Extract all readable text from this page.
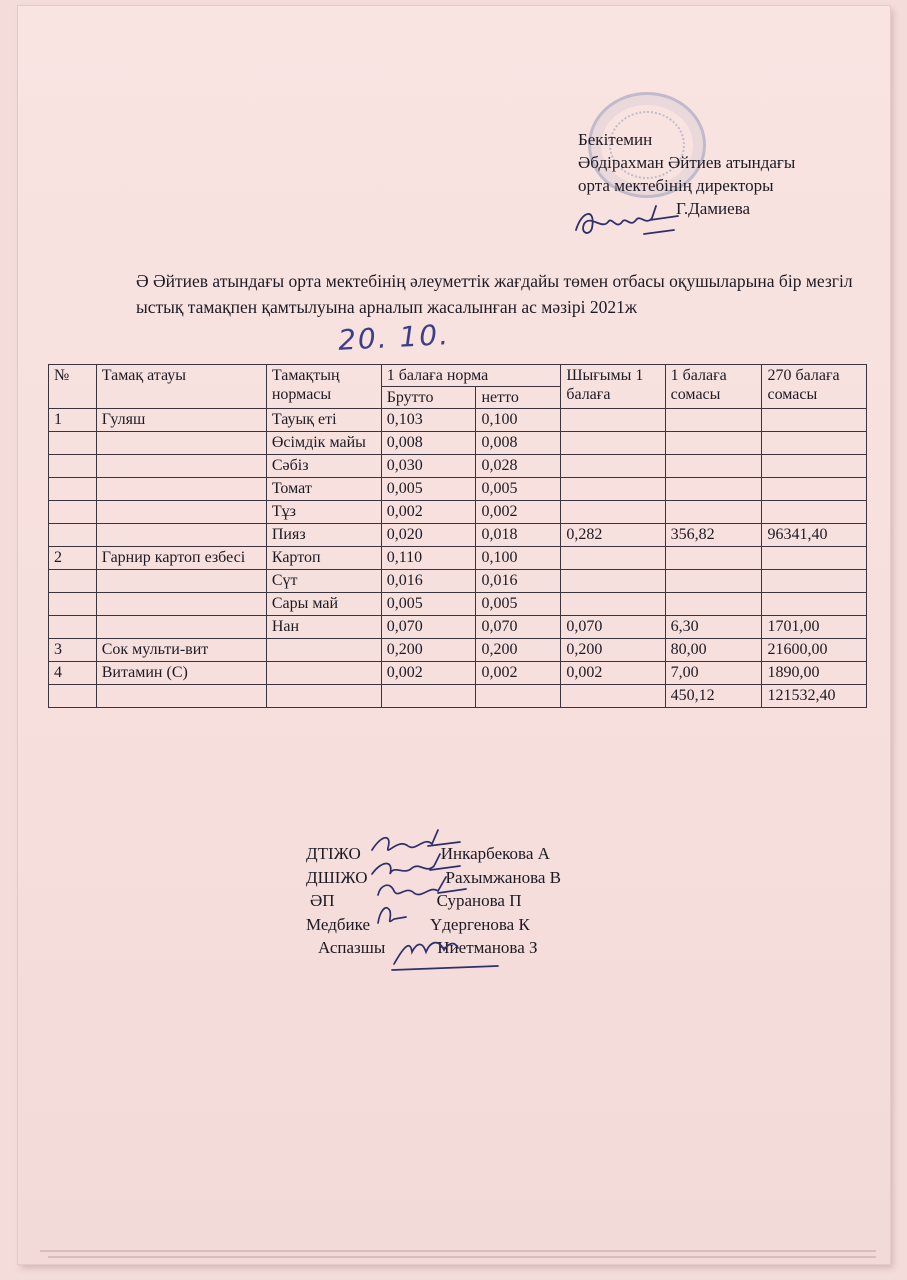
Бекітемин
Әбдірахман Әйтиев атындағы
орта мектебінің директоры
Г.Дамиева
Ә Әйтиев атындағы орта мектебінің әлеуметтік жағдайы төмен отбасы оқушыларына бір мезгіл ыстық тамақпен қамтылуына арналып жасалынған ас мәзірі 2021ж
20. 10.
№	Тамақ атауы	Тамақтың нормасы	1 балаға норма		Шығымы 1 балаға	1 балаға сомасы	270 балаға сомасы
			Брутто	нетто			
1	Гуляш	Тауық еті	0,103	0,100			
		Өсімдік майы	0,008	0,008			
		Сәбіз	0,030	0,028			
		Томат	0,005	0,005			
		Тұз	0,002	0,002			
		Пияз	0,020	0,018	0,282	356,82	96341,40
2	Гарнир картоп езбесі	Картоп	0,110	0,100			
		Сүт	0,016	0,016			
		Сары май	0,005	0,005			
		Нан	0,070	0,070	0,070	6,30	1701,00
3	Сок мульти-вит		0,200	0,200	0,200	80,00	21600,00
4	Витамин (С)		0,002	0,002	0,002	7,00	1890,00
						450,12	121532,40
ДТІЖО	Инкарбекова А
ДШІЖО	Рахымжанова В
ӘП	Суранова П
Медбике	Үдергенова К
Аспазшы	Ниетманова З
